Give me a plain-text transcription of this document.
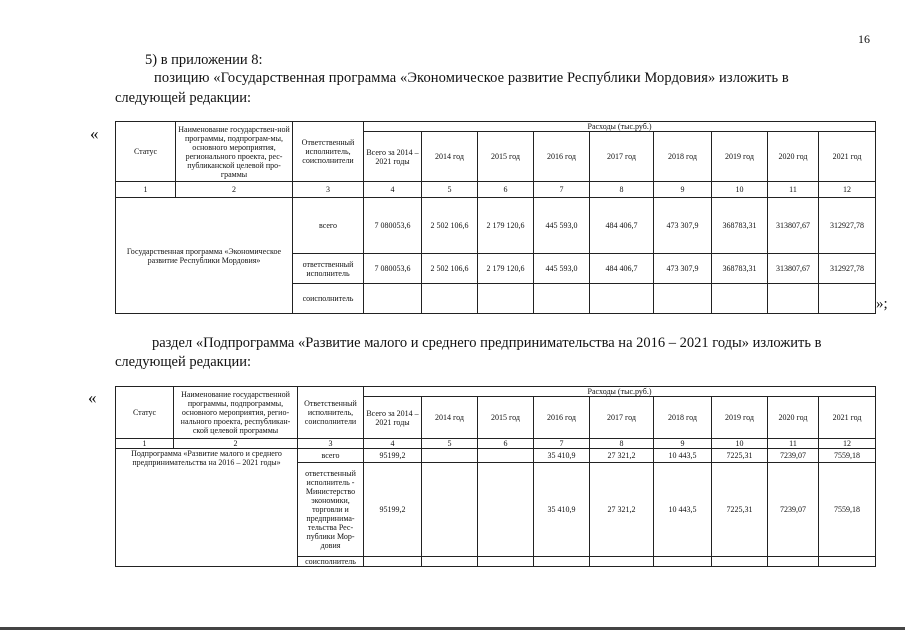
16
5) в приложении 8:
позицию «Государственная программа «Экономическое развитие Республики Мордовия» изложить в
следующей редакции:
«
Статус	Наименование государствен-ной программы, подпрограм-мы, основного мероприятия, регионального проекта, рес-публиканской целевой про-граммы	Ответственный исполнитель, соисполнители	Расходы (тыс.руб.)								
			Всего за 2014 – 2021 годы	2014 год	2015 год	2016 год	2017 год	2018 год	2019 год	2020 год	2021 год
1	2	3	4	5	6	7	8	9	10	11	12
Государственная программа «Экономическое развитие Республики Мордовия»		всего	7 080053,6	2 502 106,6	2 179 120,6	445 593,0	484 406,7	473 307,9	368783,31	313807,67	312927,78
		ответственный исполнитель	7 080053,6	2 502 106,6	2 179 120,6	445 593,0	484 406,7	473 307,9	368783,31	313807,67	312927,78
		соисполнитель										»;
раздел «Подпрограмма «Развитие малого и среднего предпринимательства на 2016 – 2021 годы» изложить в
следующей редакции:
«
Статус	Наименование государственной программы, подпрограммы, основного мероприятия, регио-нального проекта, республикан-ской целевой программы	Ответственный исполнитель, соисполнители	Расходы (тыс.руб.)								
			Всего за 2014 – 2021 годы	2014 год	2015 год	2016 год	2017 год	2018 год	2019 год	2020 год	2021 год
1	2	3	4	5	6	7	8	9	10	11	12
Подпрограмма «Развитие малого и среднего предпринимательства на 2016 – 2021 годы»		всего	95199,2			35 410,9	27 321,2	10 443,5	7225,31	7239,07	7559,18
		ответственный исполнитель - Министерство экономики, торговли и предпринима-тельства Рес-публики Мор-довия	95199,2			35 410,9	27 321,2	10 443,5	7225,31	7239,07	7559,18
		соисполнитель									
